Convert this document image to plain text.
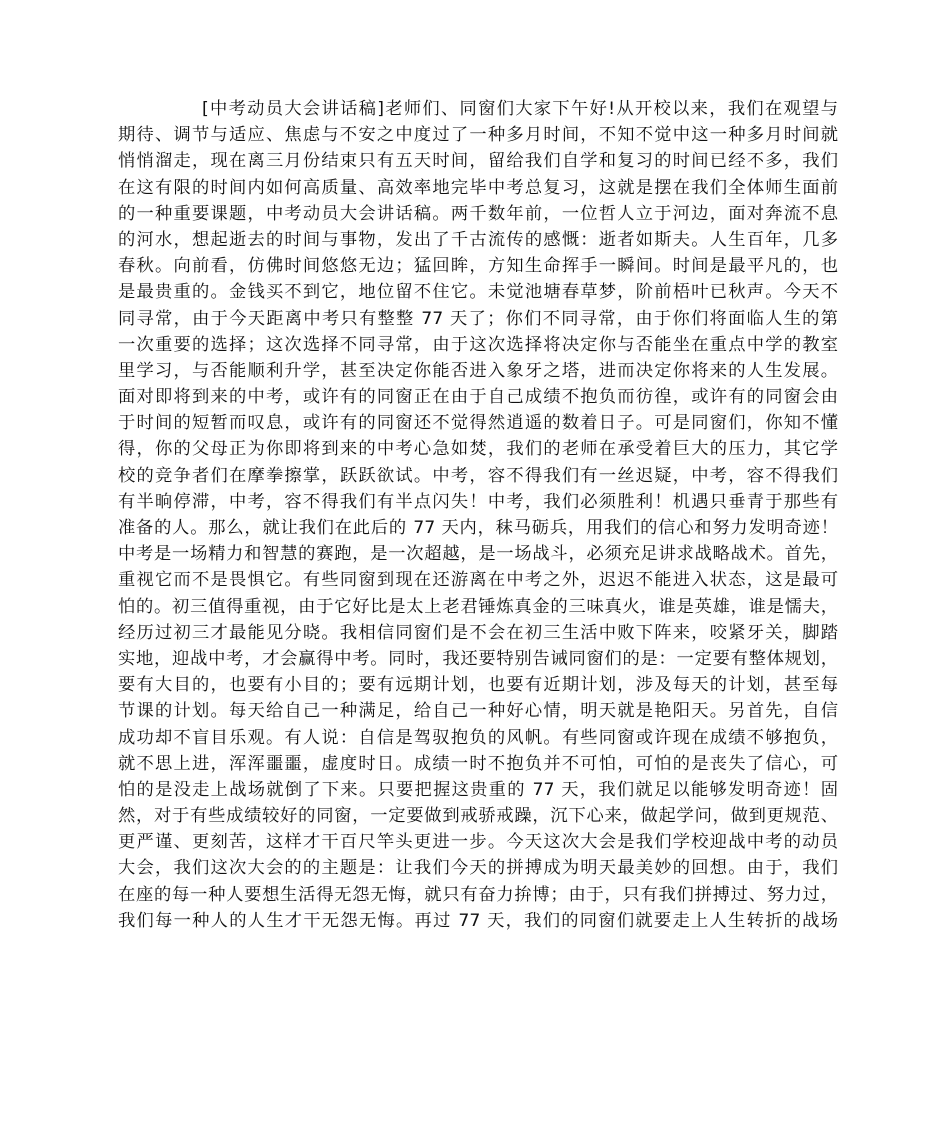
[中考动员大会讲话稿]老师们、同窗们大家下午好!从开校以来，我们在观望与
期待、调节与适应、焦虑与不安之中度过了一种多月时间，不知不觉中这一种多月时间就
悄悄溜走，现在离三月份结束只有五天时间，留给我们自学和复习的时间已经不多，我们
在这有限的时间内如何高质量、高效率地完毕中考总复习，这就是摆在我们全体师生面前
的一种重要课题，中考动员大会讲话稿。两千数年前，一位哲人立于河边，面对奔流不息
的河水，想起逝去的时间与事物，发出了千古流传的感慨：逝者如斯夫。人生百年，几多
春秋。向前看，仿佛时间悠悠无边；猛回眸，方知生命挥手一瞬间。时间是最平凡的，也
是最贵重的。金钱买不到它，地位留不住它。未觉池塘春草梦，阶前梧叶已秋声。今天不
同寻常，由于今天距离中考只有整整 77 天了；你们不同寻常，由于你们将面临人生的第
一次重要的选择；这次选择不同寻常，由于这次选择将决定你与否能坐在重点中学的教室
里学习，与否能顺利升学，甚至决定你能否进入象牙之塔，进而决定你将来的人生发展。
面对即将到来的中考，或许有的同窗正在由于自己成绩不抱负而彷徨，或许有的同窗会由
于时间的短暂而叹息，或许有的同窗还不觉得然逍遥的数着日子。可是同窗们，你知不懂
得，你的父母正为你即将到来的中考心急如焚，我们的老师在承受着巨大的压力，其它学
校的竞争者们在摩拳擦掌，跃跃欲试。中考，容不得我们有一丝迟疑，中考，容不得我们
有半晌停滞，中考，容不得我们有半点闪失！中考，我们必须胜利！机遇只垂青于那些有
准备的人。那么，就让我们在此后的 77 天内，秣马砺兵，用我们的信心和努力发明奇迹！
中考是一场精力和智慧的赛跑，是一次超越，是一场战斗，必须充足讲求战略战术。首先，
重视它而不是畏惧它。有些同窗到现在还游离在中考之外，迟迟不能进入状态，这是最可
怕的。初三值得重视，由于它好比是太上老君锤炼真金的三味真火，谁是英雄，谁是懦夫，
经历过初三才最能见分晓。我相信同窗们是不会在初三生活中败下阵来，咬紧牙关，脚踏
实地，迎战中考，才会赢得中考。同时，我还要特别告诫同窗们的是：一定要有整体规划，
要有大目的，也要有小目的；要有远期计划，也要有近期计划，涉及每天的计划，甚至每
节课的计划。每天给自己一种满足，给自己一种好心情，明天就是艳阳天。另首先，自信
成功却不盲目乐观。有人说：自信是驾驭抱负的风帆。有些同窗或许现在成绩不够抱负，
就不思上进，浑浑噩噩，虚度时日。成绩一时不抱负并不可怕，可怕的是丧失了信心，可
怕的是没走上战场就倒了下来。只要把握这贵重的 77 天，我们就足以能够发明奇迹！固
然，对于有些成绩较好的同窗，一定要做到戒骄戒躁，沉下心来，做起学问，做到更规范、
更严谨、更刻苦，这样才干百尺竿头更进一步。今天这次大会是我们学校迎战中考的动员
大会，我们这次大会的的主题是：让我们今天的拼搏成为明天最美妙的回想。由于，我们
在座的每一种人要想生活得无怨无悔，就只有奋力拚博；由于，只有我们拼搏过、努力过，
我们每一种人的人生才干无怨无悔。再过 77 天，我们的同窗们就要走上人生转折的战场
